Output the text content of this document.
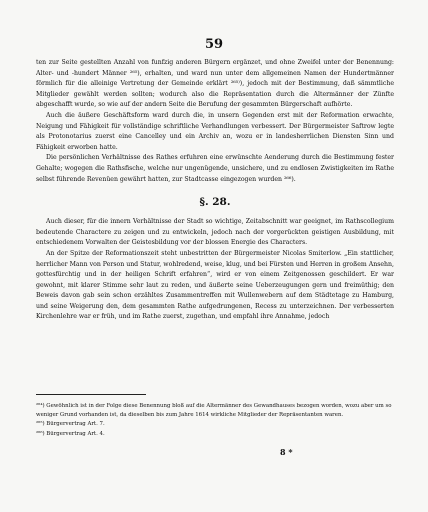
59

ten zur Seite gestellten Anzahl von funfzig anderen Bürgern ergänzet, und ohne Zweifel unter der Benennung: Alter- und -hundert Männer ²⁶⁵), erhalten, und ward nun unter dem allgemeinen Namen der Hundertmänner förmlich für die alleinige Vertretung der Gemeinde erklärt ²⁶⁵⁾), jedoch mit der Bestimmung, daß sämmtliche Mitglieder gewählt werden sollten; wodurch also die Repräsentation durch die Altermänner der Zünfte abgeschafft wurde, so wie auf der andern Seite die Berufung der gesammten Bürgerschaft aufhörte.

Auch die äußere Geschäftsform ward durch die, in unsern Gegenden erst mit der Reformation erwachte, Neigung und Fähigkeit für vollständige schriftliche Verhandlungen verbessert. Der Bürgermeister Saftrow legte als Protonotarius zuerst eine Cancelley und ein Archiv an, wozu er in landesherrlichen Diensten Sinn und Fähigkeit erworben hatte.

Die persönlichen Verhältnisse des Rathes erfuhren eine erwünschte Aenderung durch die Bestimmung fester Gehalte; wogegen die Rathsfische, welche nur ungenügende, unsichere, und zu endlosen Zwistigkeiten im Rathe selbst führende Revenüen gewährt hatten, zur Stadtcasse eingezogen wurden ²⁶⁶).

§. 28.

Auch dieser, für die innern Verhältnisse der Stadt so wichtige, Zeitabschnitt war geeignet, im Rathscollegium bedeutende Charactere zu zeigen und zu entwickeln, jedoch nach der vorgerückten geistigen Ausbildung, mit entschiedenem Vorwalten der Geistesbildung vor der blossen Energie des Characters.

An der Spitze der Reformationszeit steht unbestritten der Bürgermeister Nicolas Smiterlow. „Ein stattlicher, herrlicher Mann von Person und Statur, wohlredend, weise, klug, und bei Fürsten und Herren in großem Ansehn, gottesfürchtig und in der heiligen Schrift erfahren“, wird er von einem Zeitgenossen geschildert. Er war gewohnt, mit klarer Stimme sehr laut zu reden, und äußerte seine Ueberzeugungen gern und freimüthig; den Beweis davon gab sein schon erzähltes Zusammentreffen mit Wullenwebern auf dem Städtetage zu Hamburg, und seine Weigerung den, dem gesammten Rathe aufgedrungenen, Recess zu unterzeichnen. Der verbesserten Kirchenlehre war er früh, und im Rathe zuerst, zugethan, und empfahl ihre Annahme, jedoch

²⁶⁴) Gewöhnlich ist in der Folge diese Benennung bloß auf die Altermänner des Gewandhauses bezogen worden, wozu aber um so weniger Grund vorhanden ist, da dieselben bis zum Jahre 1614 wirkliche Mitglieder der Repräsentanten waren.

²⁶⁵) Bürgervertrag Art. 7.

²⁶⁶) Bürgervertrag Art. 4.

8 *
